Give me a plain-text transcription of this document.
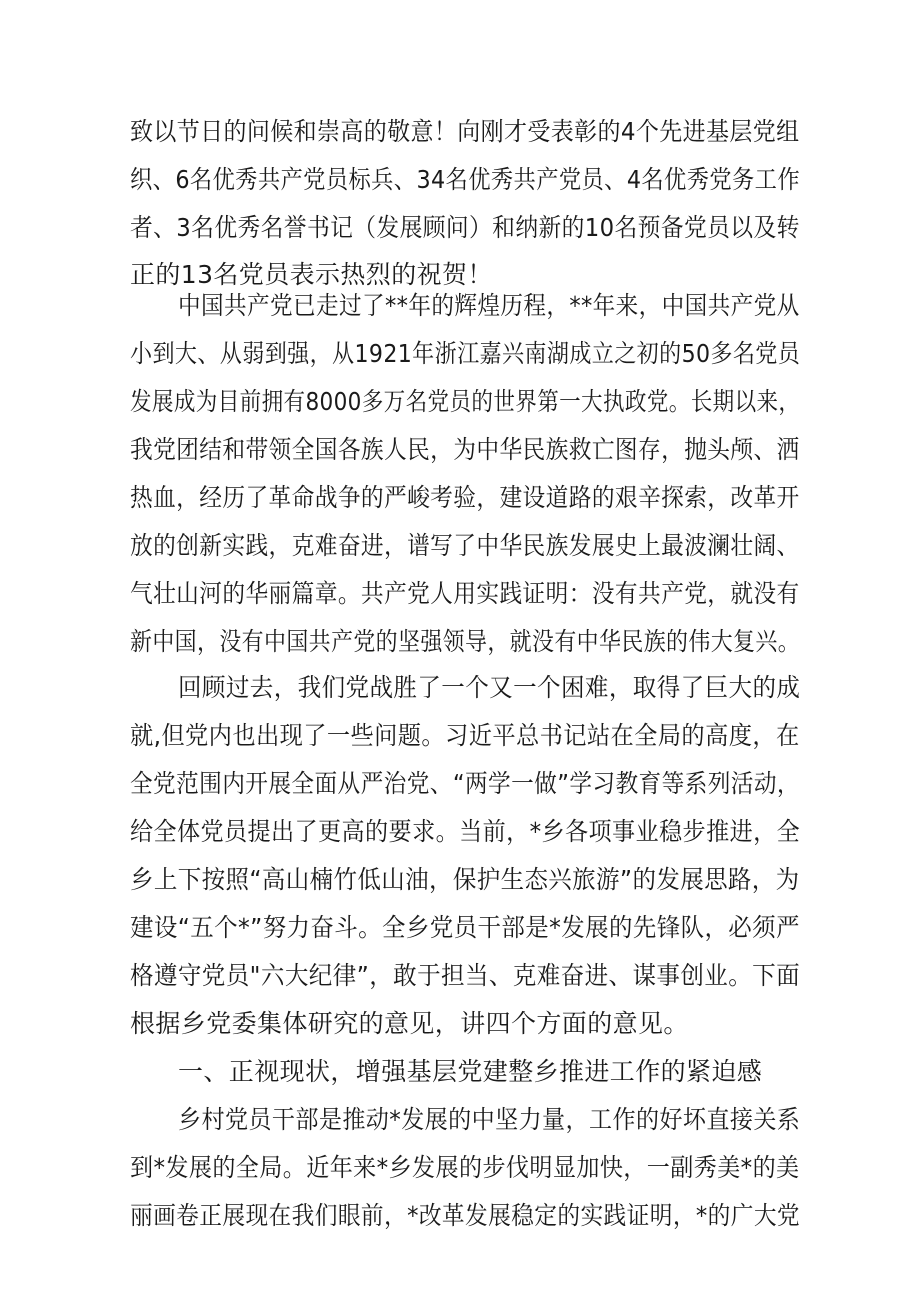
致以节日的问候和崇高的敬意！向刚才受表彰的4个先进基层党组
织、6名优秀共产党员标兵、34名优秀共产党员、4名优秀党务工作
者、3名优秀名誉书记（发展顾问）和纳新的10名预备党员以及转
正的13名党员表示热烈的祝贺！
中国共产党已走过了**年的辉煌历程，**年来，中国共产党从
小到大、从弱到强，从1921年浙江嘉兴南湖成立之初的50多名党员
发展成为目前拥有8000多万名党员的世界第一大执政党。长期以来，
我党团结和带领全国各族人民，为中华民族救亡图存，抛头颅、洒
热血，经历了革命战争的严峻考验，建设道路的艰辛探索，改革开
放的创新实践，克难奋进，谱写了中华民族发展史上最波澜壮阔、
气壮山河的华丽篇章。共产党人用实践证明：没有共产党，就没有
新中国，没有中国共产党的坚强领导，就没有中华民族的伟大复兴。
回顾过去，我们党战胜了一个又一个困难，取得了巨大的成
就,但党内也出现了一些问题。习近平总书记站在全局的高度，在
全党范围内开展全面从严治党、“两学一做”学习教育等系列活动，
给全体党员提出了更高的要求。当前，*乡各项事业稳步推进，全
乡上下按照“高山楠竹低山油，保护生态兴旅游”的发展思路，为
建设“五个*”努力奋斗。全乡党员干部是*发展的先锋队，必须严
格遵守党员"六大纪律”，敢于担当、克难奋进、谋事创业。下面
根据乡党委集体研究的意见，讲四个方面的意见。
一、正视现状，增强基层党建整乡推进工作的紧迫感
乡村党员干部是推动*发展的中坚力量，工作的好坏直接关系
到*发展的全局。近年来*乡发展的步伐明显加快，一副秀美*的美
丽画卷正展现在我们眼前，*改革发展稳定的实践证明，*的广大党
